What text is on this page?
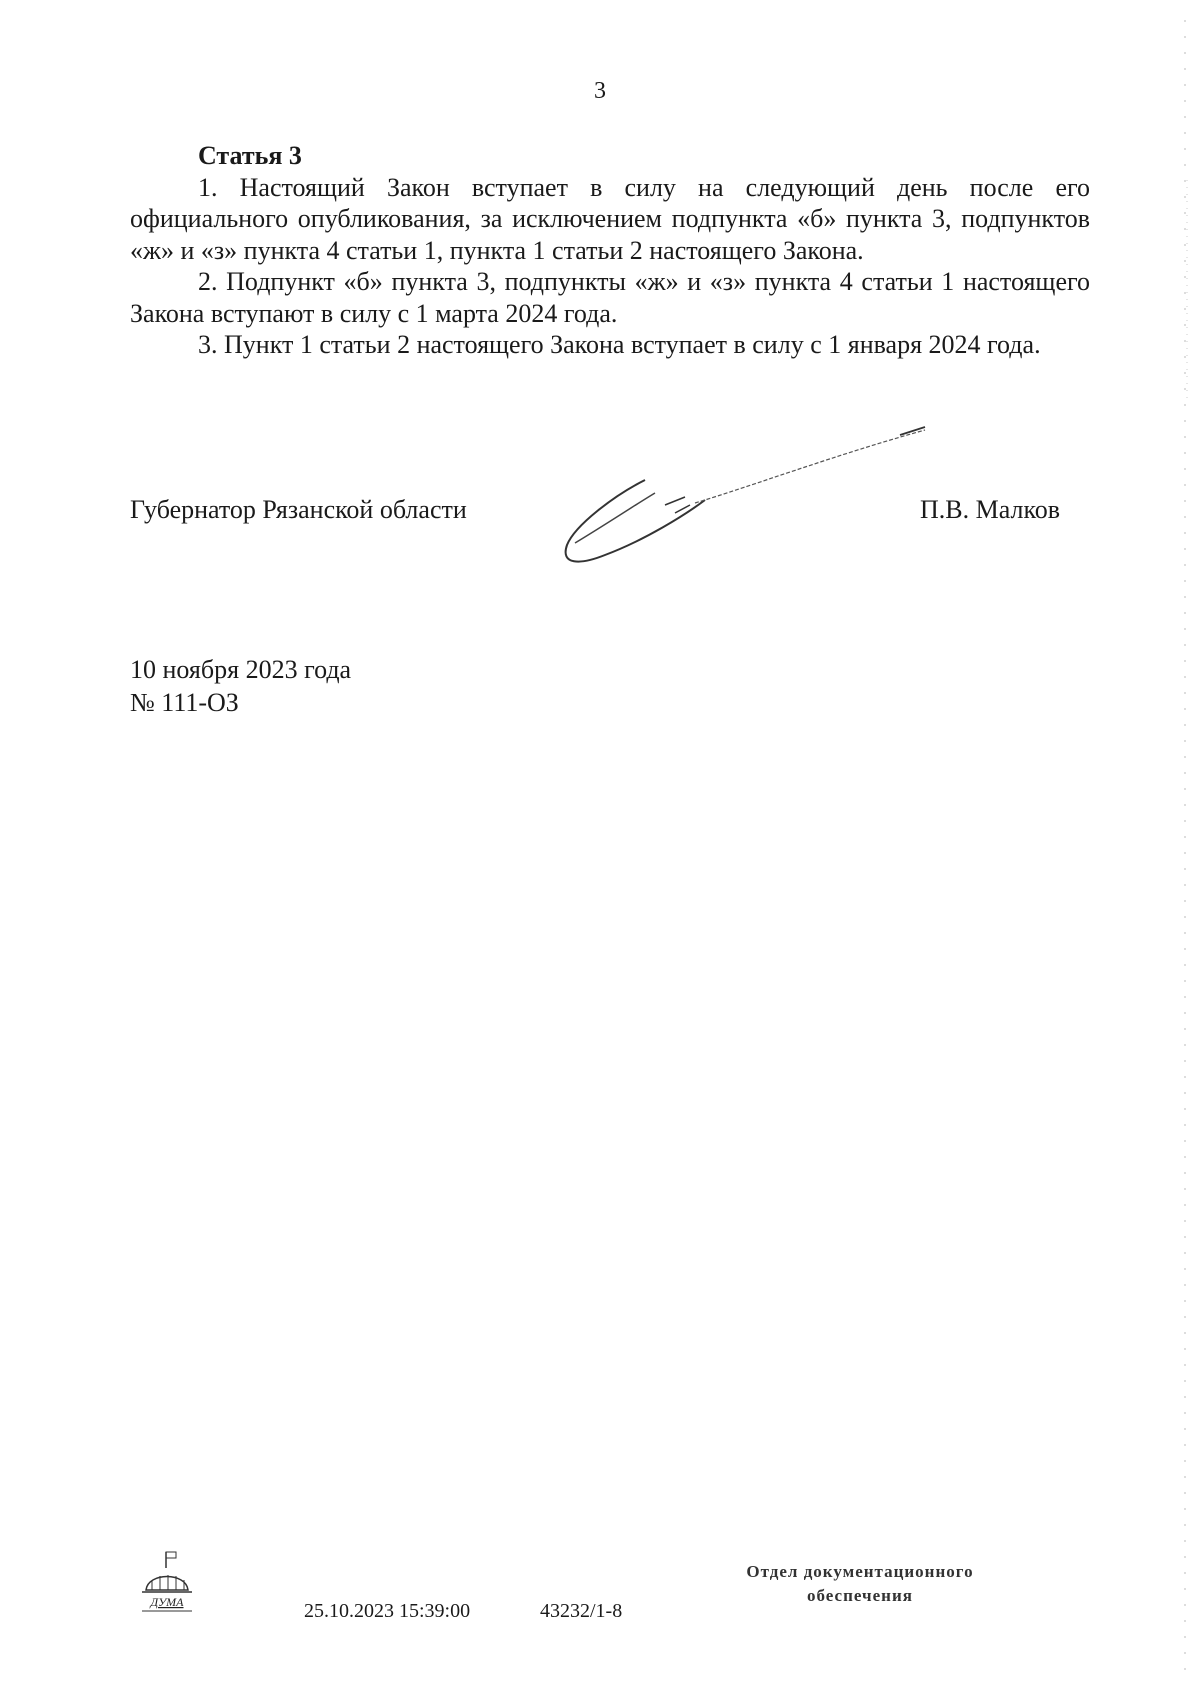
3
Статья 3

1. Настоящий Закон вступает в силу на следующий день после его официального опубликования, за исключением подпункта «б» пункта 3, подпунктов «ж» и «з» пункта 4 статьи 1, пункта 1 статьи 2 настоящего Закона.

2. Подпункт «б» пункта 3, подпункты «ж» и «з» пункта 4 статьи 1 настоящего Закона вступают в силу с 1 марта 2024 года.

3. Пункт 1 статьи 2 настоящего Закона вступает в силу с 1 января 2024 года.

Губернатор Рязанской области	П.В. Малков
10 ноября 2023 года
№ 111-ОЗ
ДУМА	25.10.2023 15:39:00	43232/1-8
Отдел документационного
обеспечения
